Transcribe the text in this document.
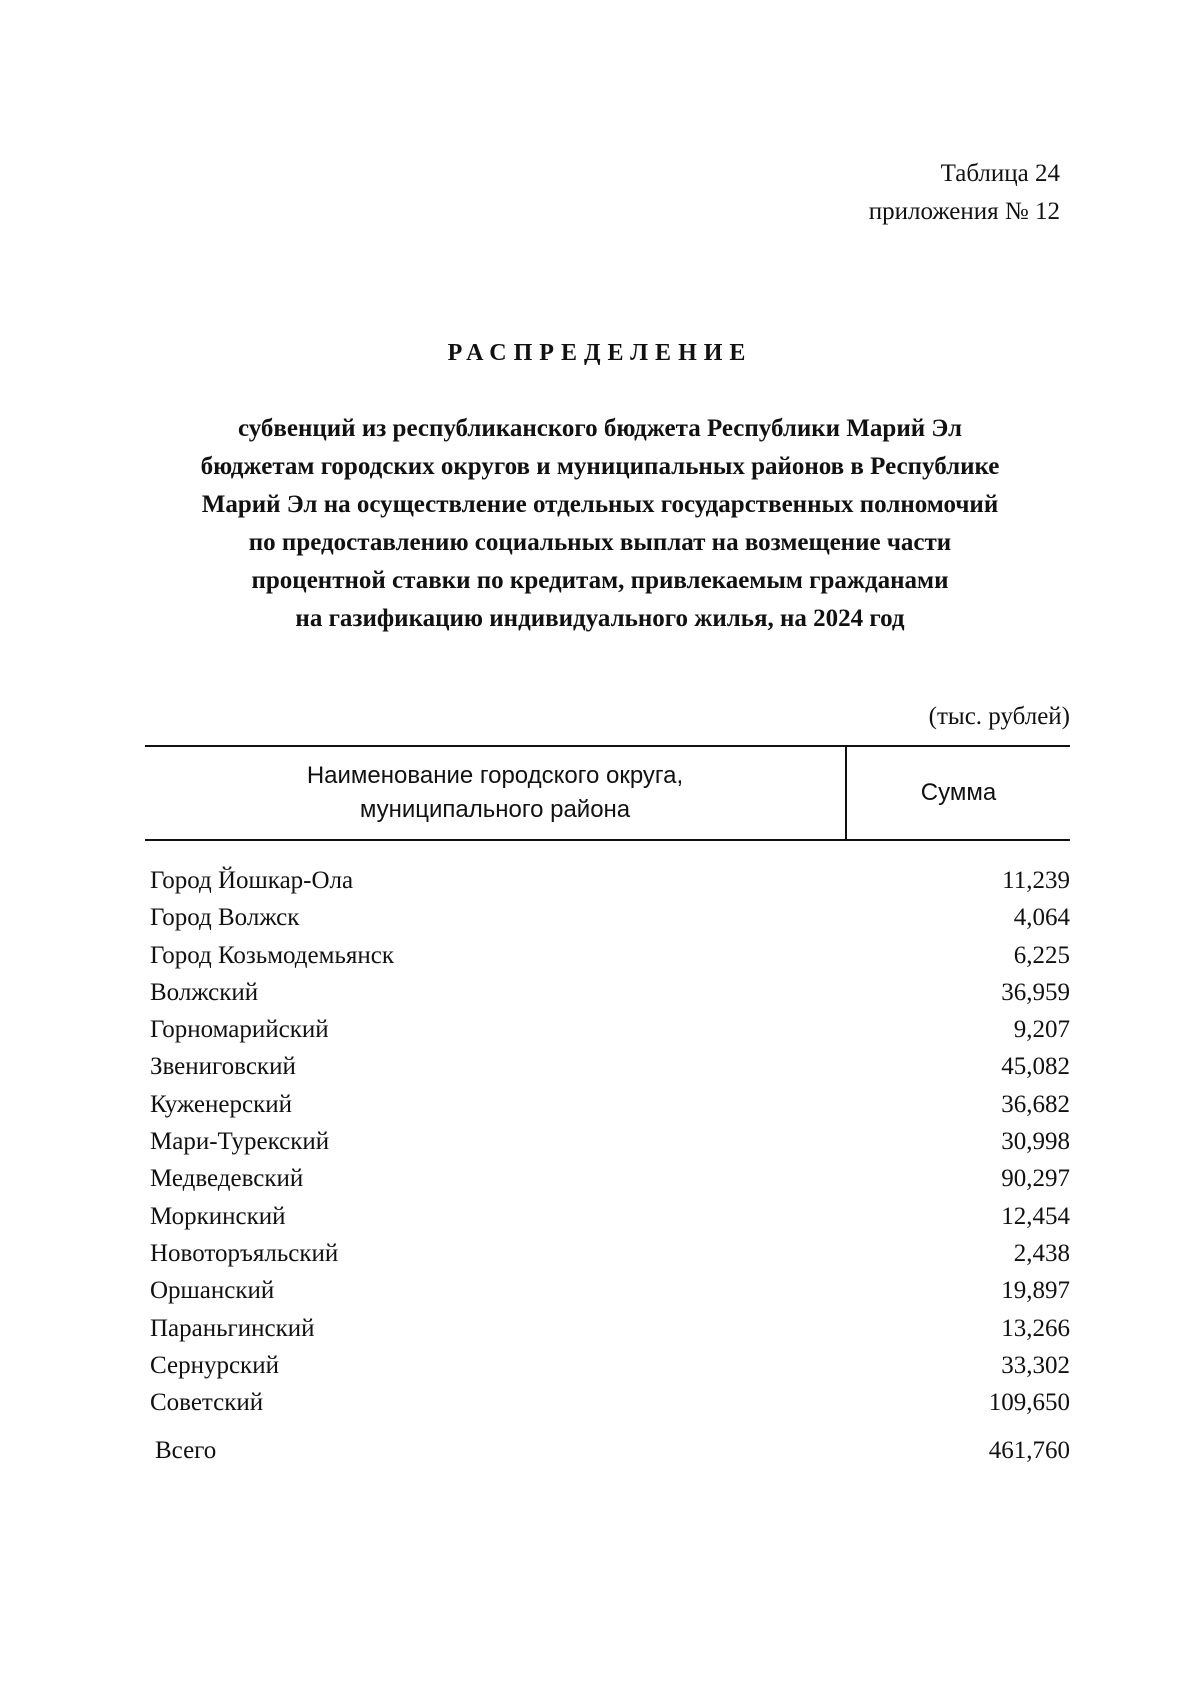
Таблица 24
приложения № 12
РАСПРЕДЕЛЕНИЕ
субвенций из республиканского бюджета Республики Марий Эл
бюджетам городских округов и муниципальных районов в Республике
Марий Эл на осуществление отдельных государственных полномочий
по предоставлению социальных выплат на возмещение части
процентной ставки по кредитам, привлекаемым гражданами
на газификацию индивидуального жилья, на 2024 год
(тыс. рублей)
Наименование городского округа,
муниципального района
Сумма
Город Йошкар-Ола	11,239
Город Волжск	4,064
Город Козьмодемьянск	6,225
Волжский	36,959
Горномарийский	9,207
Звениговский	45,082
Куженерский	36,682
Мари-Турекский	30,998
Медведевский	90,297
Моркинский	12,454
Новоторъяльский	2,438
Оршанский	19,897
Параньгинский	13,266
Сернурский	33,302
Советский	109,650
Всего	461,760
